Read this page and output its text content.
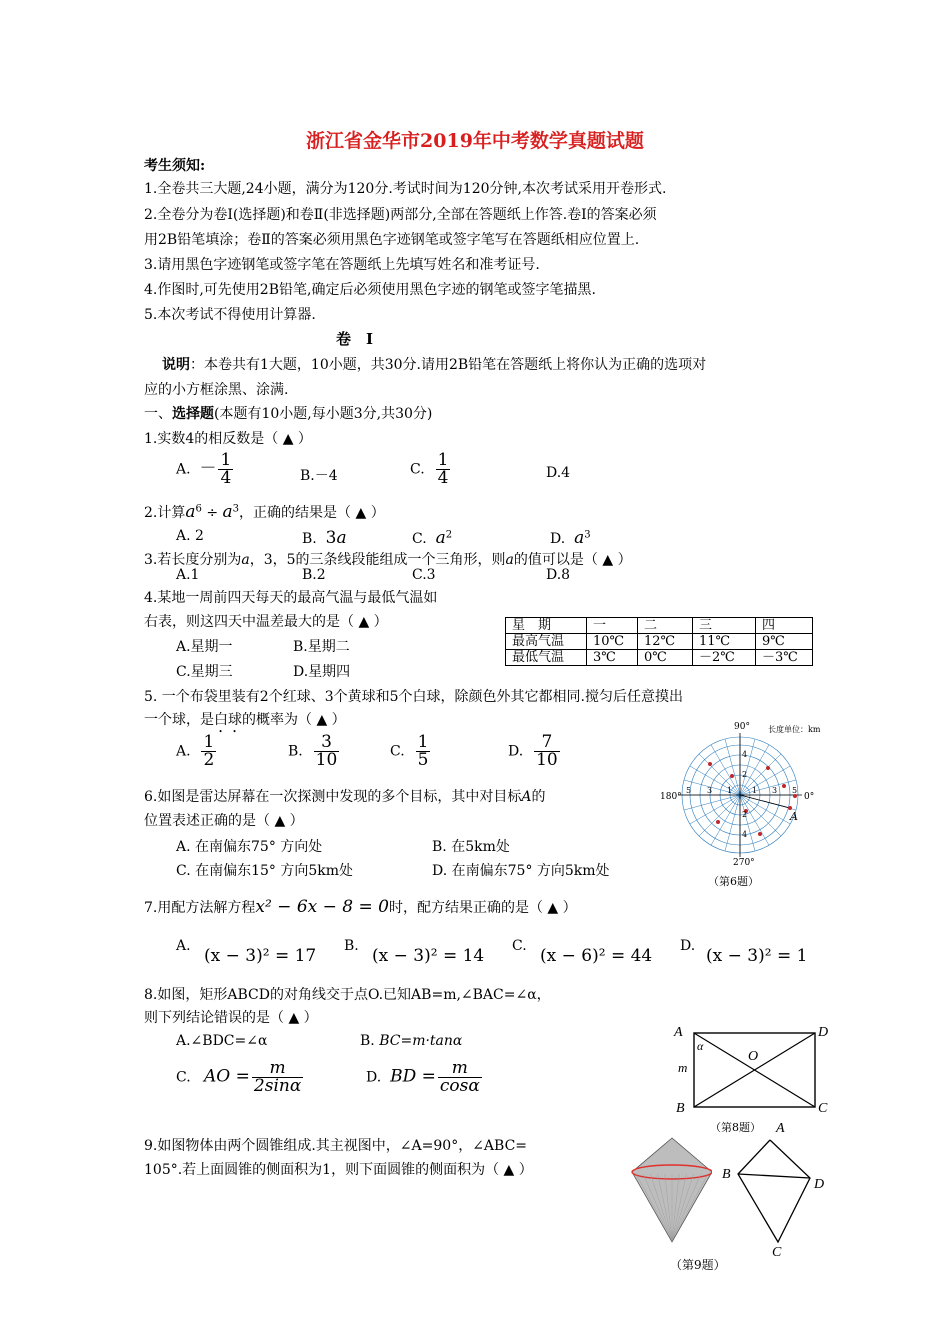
浙江省金华市2019年中考数学真题试题
考生须知:
1.全卷共三大题,24小题，满分为120分.考试时间为120分钟,本次考试采用开卷形式.
2.全卷分为卷Ⅰ(选择题)和卷Ⅱ(非选择题)两部分,全部在答题纸上作答.卷Ⅰ的答案必须
用2B铅笔填涂；卷Ⅱ的答案必须用黑色字迹钢笔或签字笔写在答题纸相应位置上.
3.请用黑色字迹钢笔或签字笔在答题纸上先填写姓名和准考证号.
4.作图时,可先使用2B铅笔,确定后必须使用黑色字迹的钢笔或签字笔描黑.
5.本次考试不得使用计算器.
卷　Ⅰ
说明：本卷共有1大题，10小题，共30分.请用2B铅笔在答题纸上将你认为正确的选项对
应的小方框涂黑、涂满.
一、选择题(本题有10小题,每小题3分,共30分)
1.实数4的相反数是（ ▲ ）
A. － $\frac{1}{4}$	B.－4	C. $\frac{1}{4}$	D.4
2.计算$a^6 \div a^3$，正确的结果是（ ▲ ）
A. 2	B. 3a	C. $a^2$	D. $a^3$
3.若长度分别为a，3，5的三条线段能组成一个三角形，则a的值可以是（ ▲ ）
A.1	B.2	C.3	D.8
4.某地一周前四天每天的最高气温与最低气温如
右表，则这四天中温差最大的是（ ▲ ）
A.星期一	B.星期二
C.星期三	D.星期四
星　期	一	二	三	四
最高气温	10℃	12℃	11℃	9℃
最低气温	3℃	0℃	－2℃	－3℃
5. 一个布袋里装有2个红球、3个黄球和5个白球，除颜色外其它都相同.搅匀后任意摸出
一个球，是白球的概率为（ ▲ ）
A. $\frac{1}{2}$	B. $\frac{3}{10}$	C. $\frac{1}{5}$	D. $\frac{7}{10}$
90° 长度单位：km
180°	0°
270°
A
4
2
2
4
5 3 1 1 3 5
（第6题）
6.如图是雷达屏幕在一次探测中发现的多个目标，其中对目标A的
位置表述正确的是（ ▲ ）
A. 在南偏东75° 方向处	B. 在5km处
C. 在南偏东15° 方向5km处	D. 在南偏东75° 方向5km处
7.用配方法解方程x² − 6x − 8 = 0时，配方结果正确的是（ ▲ ）
A. (x − 3)² = 17 B. (x − 3)² = 14 C. (x − 6)² = 44 D. (x − 3)² = 1
8.如图，矩形ABCD的对角线交于点O.已知AB=m,∠BAC=∠α，
则下列结论错误的是（ ▲ ）
A.∠BDC=∠α	B. BC=m·tanα
C. AO = $\frac{m}{2\sin\alpha}$	D. BD = $\frac{m}{\cos\alpha}$
A	D
B	C
O
m
α
（第8题）
9.如图物体由两个圆锥组成.其主视图中，∠A=90°，∠ABC=
105°.若上面圆锥的侧面积为1，则下面圆锥的侧面积为（ ▲ ）
A
B
D
C
（第9题）
